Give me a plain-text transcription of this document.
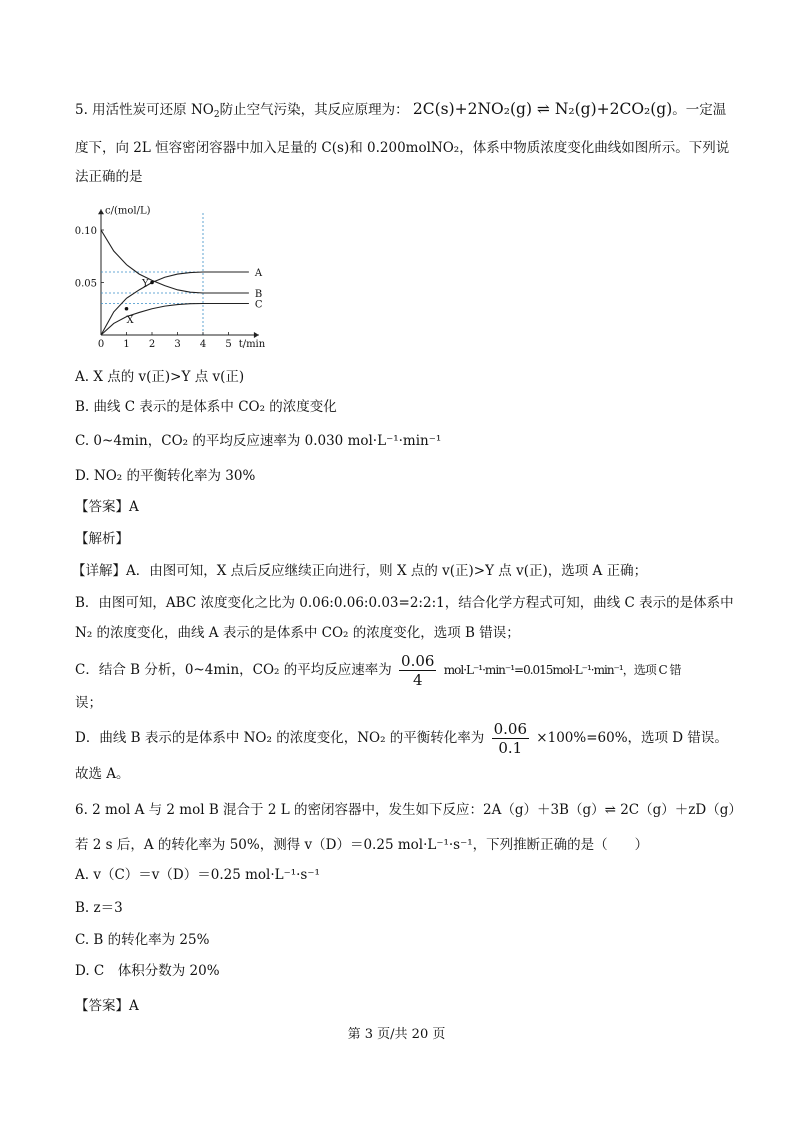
5. 用活性炭可还原 $NO_2$防止空气污染，其反应原理为： 2C(s)+2NO₂(g) ⇌ N₂(g)+2CO₂(g)。一定温
度下，向 2L 恒容密闭容器中加入足量的 C(s)和 0.200molNO₂，体系中物质浓度变化曲线如图所示。下列说
法正确的是
0 1 2 3 4 5
0.05
0.10
c/(mol/L)
t/min
A
B
C
X
Y
A. X 点的 v(正)>Y 点 v(正)
B. 曲线 C 表示的是体系中 CO₂ 的浓度变化
C. 0~4min，CO₂ 的平均反应速率为 0.030 mol·L⁻¹·min⁻¹
D. NO₂ 的平衡转化率为 30%
【答案】A
【解析】
【详解】A．由图可知，X 点后反应继续正向进行，则 X 点的 v(正)>Y 点 v(正)，选项 A 正确；
B．由图可知，ABC 浓度变化之比为 0.06:0.06:0.03=2:2:1，结合化学方程式可知，曲线 C 表示的是体系中
N₂ 的浓度变化，曲线 A 表示的是体系中 CO₂ 的浓度变化，选项 B 错误；
C．结合 B 分析，0~4min，CO₂ 的平均反应速率为 $\frac{0.06}{4} mol\cdot L^{-1}\cdot\min^{-1}=0.015mol\cdot L^{-1}\cdot\min^{-1}$，选项 C 错
误；
D．曲线 B 表示的是体系中 NO₂ 的浓度变化，NO₂ 的平衡转化率为 $\frac{0.06}{0.1} \times 100\%=60\%$，选项 D 错误。
故选 A。
6. 2 mol A 与 2 mol B 混合于 2 L 的密闭容器中，发生如下反应：2A（g）＋3B（g）⇌ 2C（g）＋zD（g）
若 2 s 后，A 的转化率为 50%，测得 v（D）＝0.25 mol·L⁻¹·s⁻¹，下列推断正确的是（　　）
A. v（C）＝v（D）＝0.25 mol·L⁻¹·s⁻¹
B. z＝3
C. B 的转化率为 25%
D. C　体积分数为 20%
【答案】A
第 3 页/共 20 页
